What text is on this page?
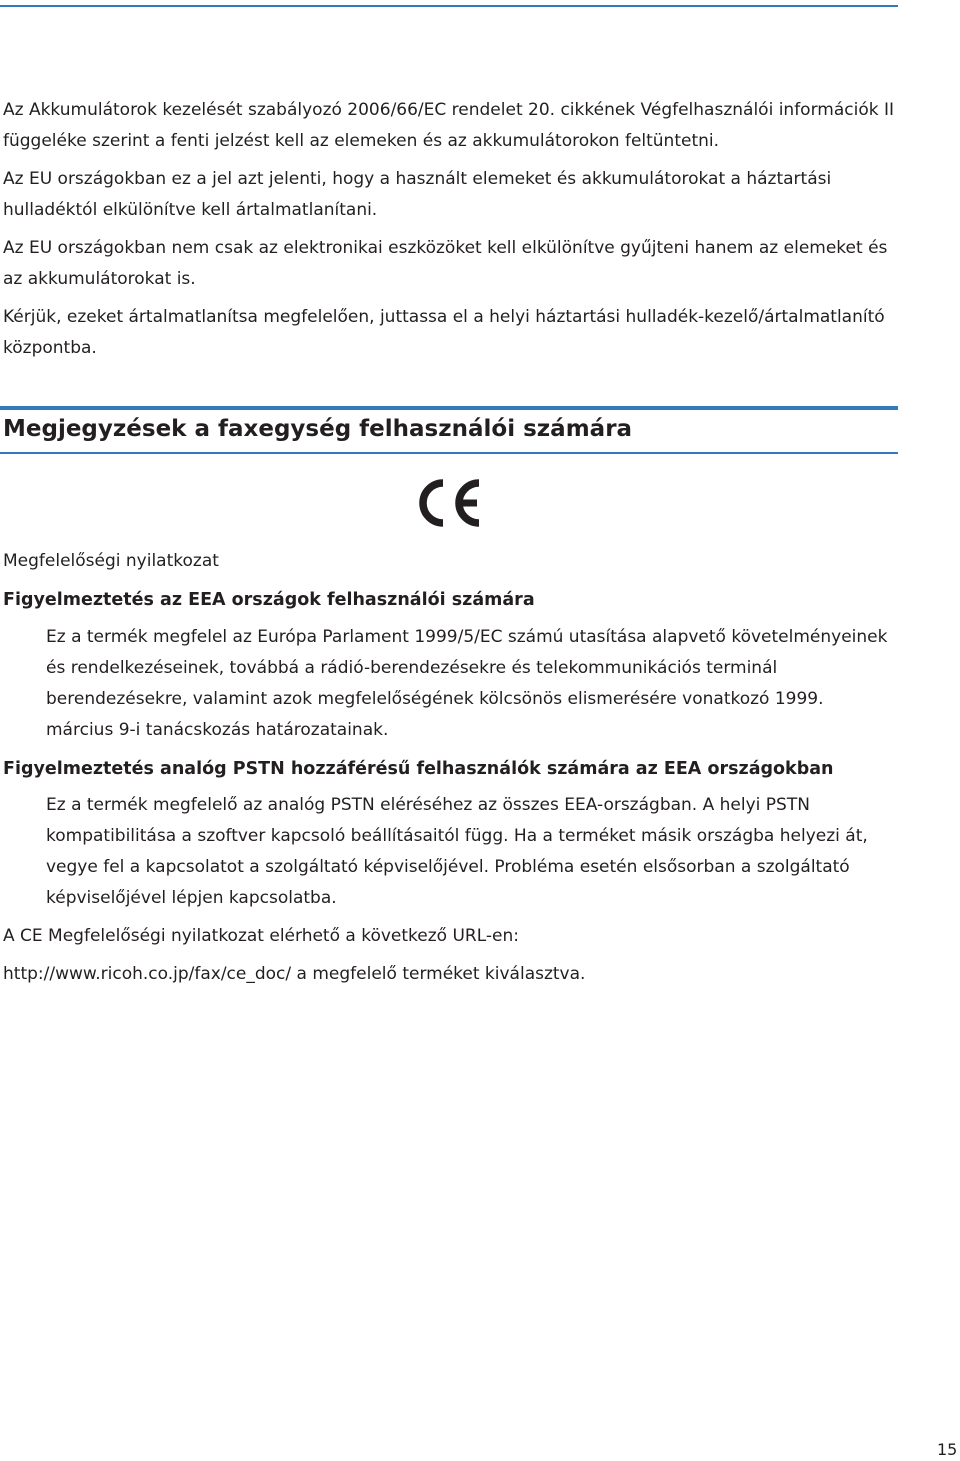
Az Akkumulátorok kezelését szabályozó 2006/66/EC rendelet 20. cikkének Végfelhasználói információk II függeléke szerint a fenti jelzést kell az elemeken és az akkumulátorokon feltüntetni.

Az EU országokban ez a jel azt jelenti, hogy a használt elemeket és akkumulátorokat a háztartási hulladéktól elkülönítve kell ártalmatlanítani.

Az EU országokban nem csak az elektronikai eszközöket kell elkülönítve gyűjteni hanem az elemeket és az akkumulátorokat is.

Kérjük, ezeket ártalmatlanítsa megfelelően, juttassa el a helyi háztartási hulladék-kezelő/ártalmatlanító központba.

Megjegyzések a faxegység felhasználói számára

Megfelelőségi nyilatkozat

Figyelmeztetés az EEA országok felhasználói számára

Ez a termék megfelel az Európa Parlament 1999/5/EC számú utasítása alapvető követelményeinek és rendelkezéseinek, továbbá a rádió-berendezésekre és telekommunikációs terminál berendezésekre, valamint azok megfelelőségének kölcsönös elismerésére vonatkozó 1999. március 9-i tanácskozás határozatainak.

Figyelmeztetés analóg PSTN hozzáférésű felhasználók számára az EEA országokban

Ez a termék megfelelő az analóg PSTN eléréséhez az összes EEA-országban. A helyi PSTN kompatibilitása a szoftver kapcsoló beállításaitól függ. Ha a terméket másik országba helyezi át, vegye fel a kapcsolatot a szolgáltató képviselőjével. Probléma esetén elsősorban a szolgáltató képviselőjével lépjen kapcsolatba.

A CE Megfelelőségi nyilatkozat elérhető a következő URL-en:

http://www.ricoh.co.jp/fax/ce_doc/ a megfelelő terméket kiválasztva.

15
